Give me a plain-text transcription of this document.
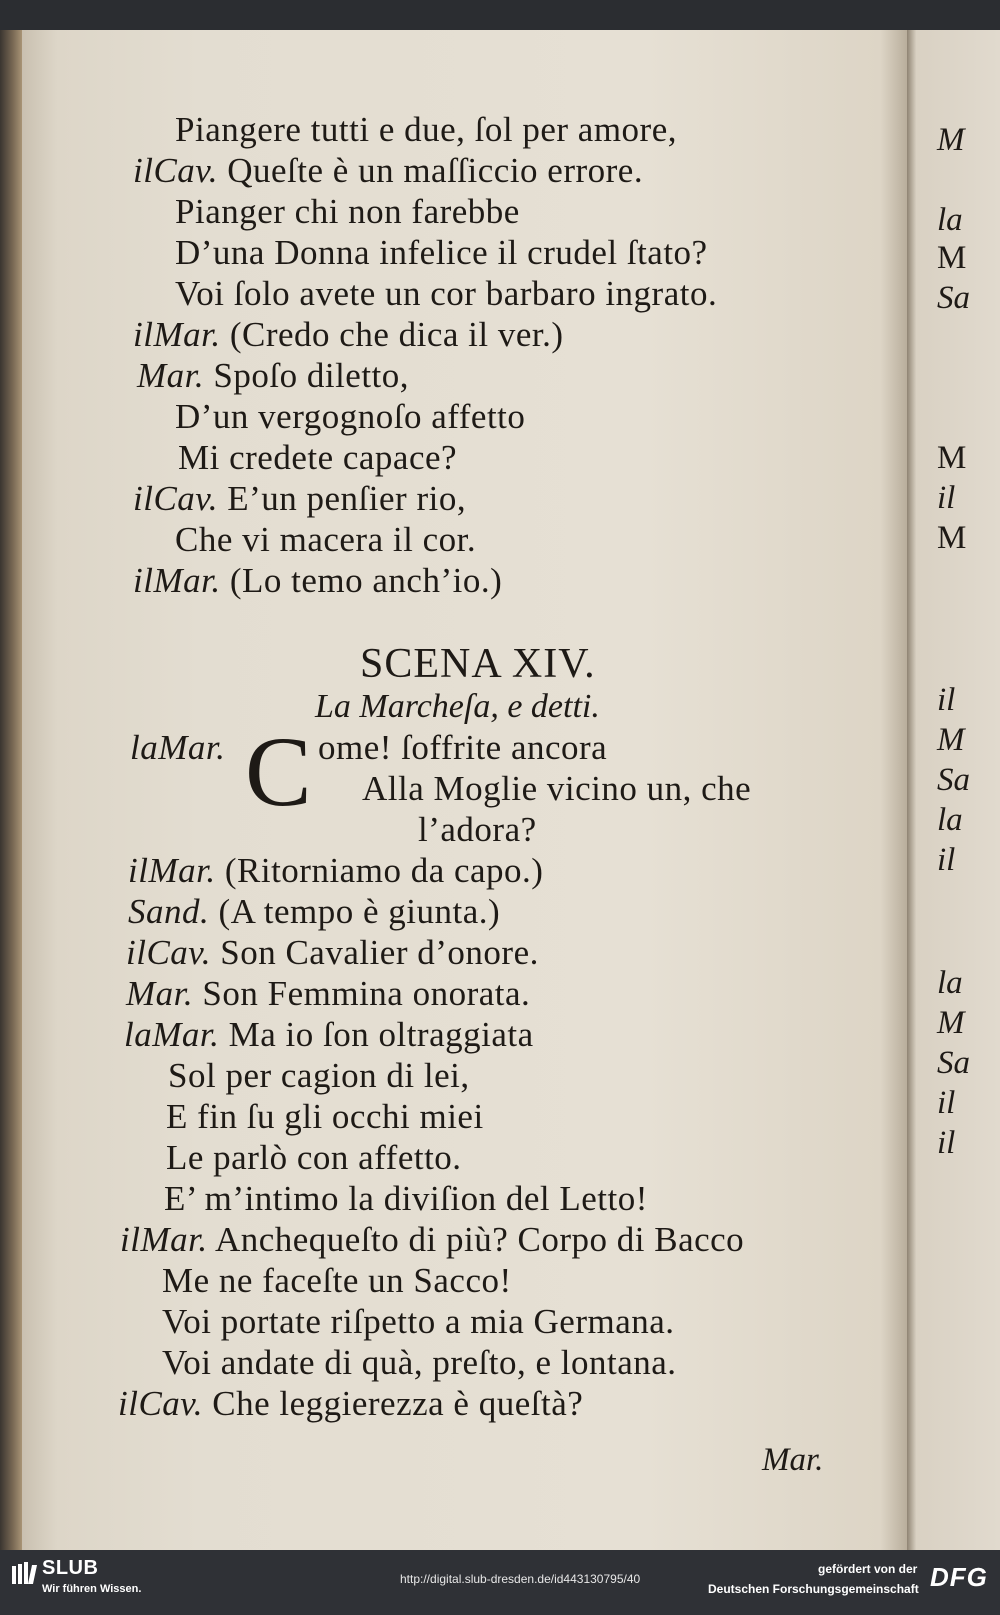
Piangere tutti e due, ſol per amore,
ilCav. Queſte è un maſſiccio errore.
Pianger chi non farebbe
D’una Donna infelice il crudel ſtato?
Voi ſolo avete un cor barbaro ingrato.
ilMar. (Credo che dica il ver.)
Mar. Spoſo diletto,
D’un vergognoſo affetto
Mi credete capace?
ilCav. E’un penſier rio,
Che vi macera il cor.
ilMar. (Lo temo anch’io.)
SCENA XIV.
La Marcheſa, e detti.
laMar. C ome! ſoffrite ancora
Alla Moglie vicino un, che
l’adora?
ilMar. (Ritorniamo da capo.)
Sand. (A tempo è giunta.)
ilCav. Son Cavalier d’onore.
Mar. Son Femmina onorata.
laMar. Ma io ſon oltraggiata
Sol per cagion di lei,
E fin ſu gli occhi miei
Le parlò con affetto.
E’ m’intimo la diviſion del Letto!
ilMar. Anchequeſto di più? Corpo di Bacco
Me ne faceſte un Sacco!
Voi portate riſpetto a mia Germana.
Voi andate di quà, preſto, e lontana.
ilCav. Che leggierezza è queſtà?
Mar.
M
la
M
Sa
M
il
M
il
M
Sa
la
il
la
M
Sa
il
il
SLUB
Wir führen Wissen.
http://digital.slub-dresden.de/id443130795/40
gefördert von der
Deutschen Forschungsgemeinschaft DFG
